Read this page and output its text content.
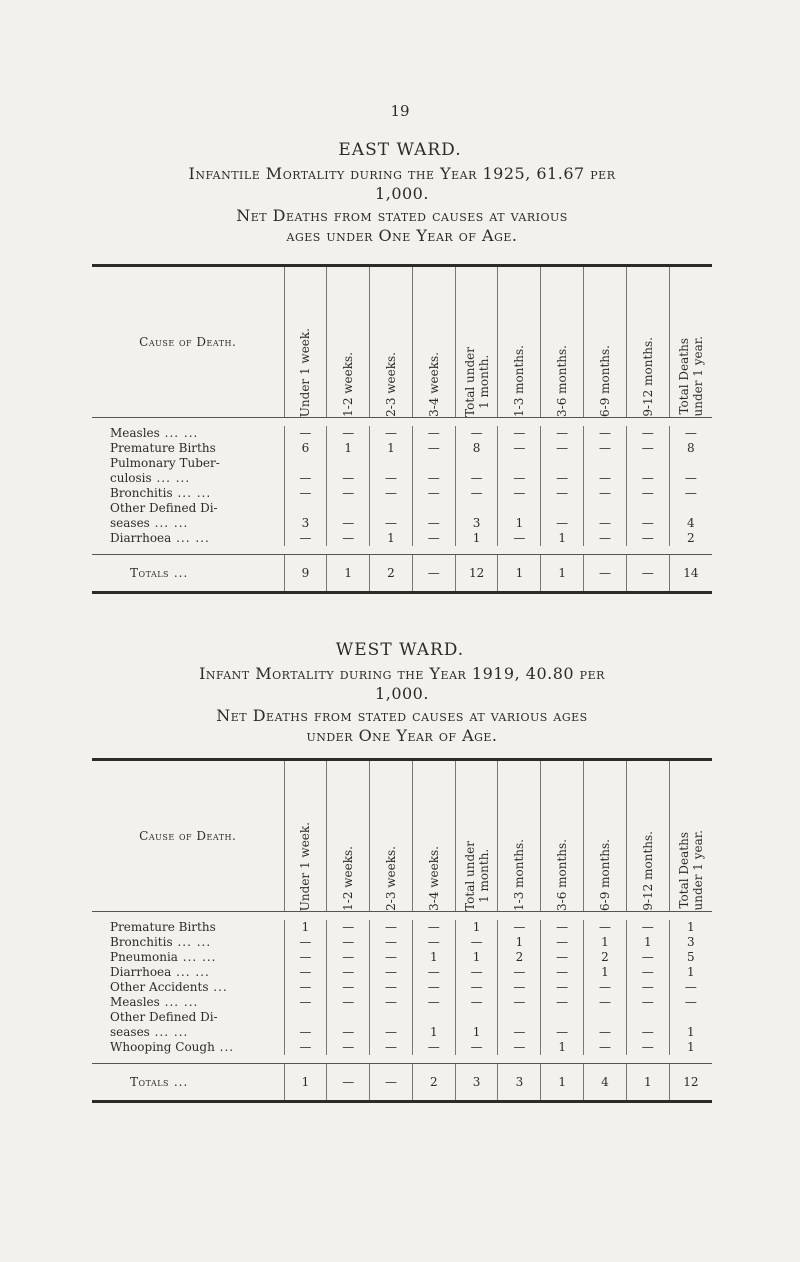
19
EAST WARD.
Infantile Mortality during the Year 1925, 61.67 per
1,000.
Net Deaths from stated causes at various
ages under One Year of Age.
Cause of Death.	Under 1 week.	1-2 weeks.	2-3 weeks.	3-4 weeks.	Total under
1 month.	1-3 months.	3-6 months.	6-9 months.	9-12 months.	Total Deaths
under 1 year.

Measles ... ...	—	—	—	—	—	—	—	—	—	—
Premature Births	6	1	1	—	8	—	—	—	—	8
Pulmonary Tuber-										
culosis ... ...	—	—	—	—	—	—	—	—	—	—
Bronchitis ... ...	—	—	—	—	—	—	—	—	—	—
Other Defined Di-										
seases ... ...	3	—	—	—	3	1	—	—	—	4
Diarrhoea ... ...	—	—	1	—	1	—	1	—	—	2

Totals ...	9	1	2	—	12	1	1	—	—	14
WEST WARD.
Infant Mortality during the Year 1919, 40.80 per
1,000.
Net Deaths from stated causes at various ages
under One Year of Age.
Cause of Death.	Under 1 week.	1-2 weeks.	2-3 weeks.	3-4 weeks.	Total under
1 month.	1-3 months.	3-6 months.	6-9 months.	9-12 months.	Total Deaths
under 1 year.

Premature Births	1	—	—	—	1	—	—	—	—	1
Bronchitis ... ...	—	—	—	—	—	1	—	1	1	3
Pneumonia ... ...	—	—	—	1	1	2	—	2	—	5
Diarrhoea ... ...	—	—	—	—	—	—	—	1	—	1
Other Accidents ...	—	—	—	—	—	—	—	—	—	—
Measles ... ...	—	—	—	—	—	—	—	—	—	—
Other Defined Di-										
seases ... ...	—	—	—	1	1	—	—	—	—	1
Whooping Cough ...	—	—	—	—	—	—	1	—	—	1

Totals ...	1	—	—	2	3	3	1	4	1	12
